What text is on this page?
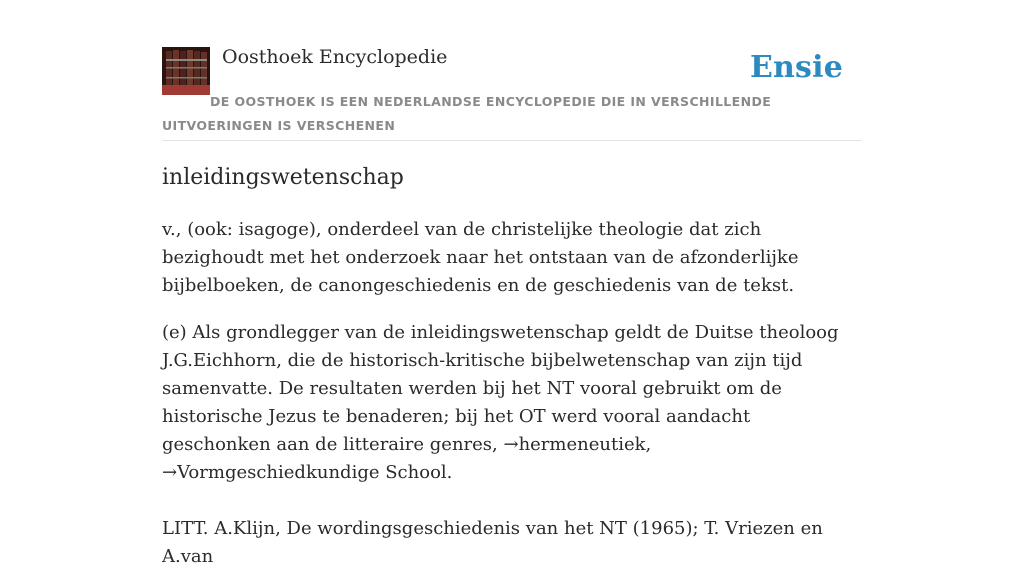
Oosthoek Encyclopedie	Ensie
DE OOSTHOEK IS EEN NEDERLANDSE ENCYCLOPEDIE DIE IN VERSCHILLENDE UITVOERINGEN IS VERSCHENEN
inleidingswetenschap

v., (ook: isagoge), onderdeel van de christelijke theologie dat zich bezighoudt met het onderzoek naar het ontstaan van de afzonderlijke bijbelboeken, de canongeschiedenis en de geschiedenis van de tekst.

(e) Als grondlegger van de inleidingswetenschap geldt de Duitse theoloog J.G.Eichhorn, die de historisch-kritische bijbelwetenschap van zijn tijd samenvatte. De resultaten werden bij het NT vooral gebruikt om de historische Jezus te benaderen; bij het OT werd vooral aandacht geschonken aan de litteraire genres, →hermeneutiek, →Vormgeschiedkundige School.

LITT. A.Klijn, De wordingsgeschiedenis van het NT (1965); T. Vriezen en A.van
